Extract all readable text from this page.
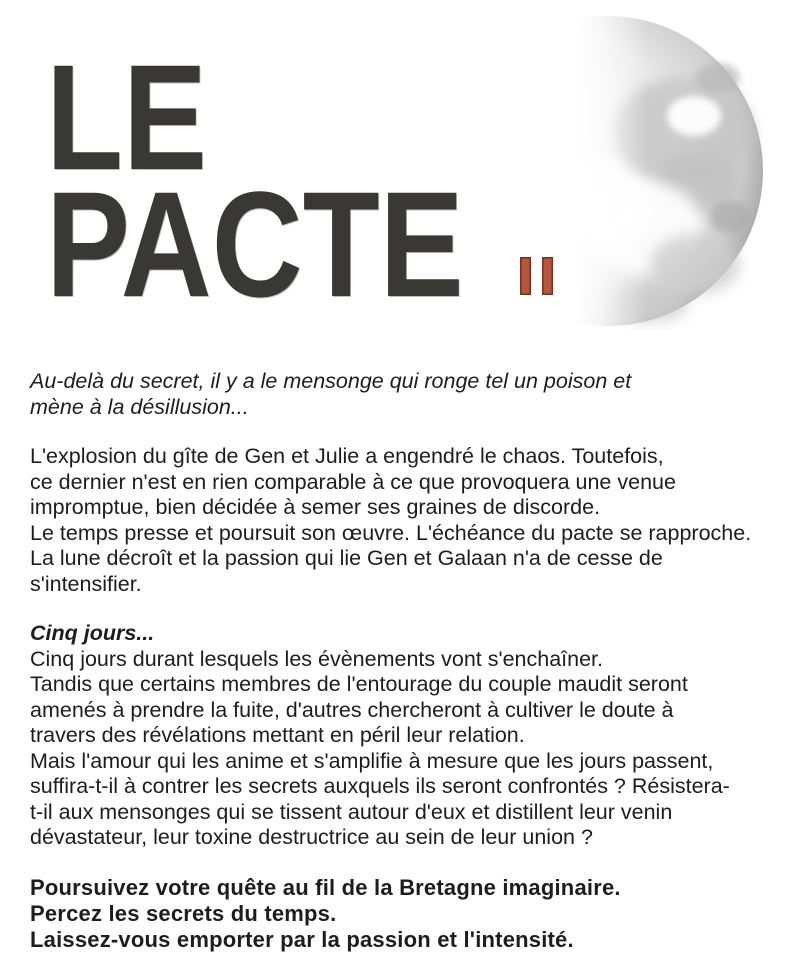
LE
PACTE
Au-delà du secret, il y a le mensonge qui ronge tel un poison et
mène à la désillusion...
L'explosion du gîte de Gen et Julie a engendré le chaos. Toutefois,
ce dernier n'est en rien comparable à ce que provoquera une venue
impromptue, bien décidée à semer ses graines de discorde.
Le temps presse et poursuit son œuvre. L'échéance du pacte se rapproche.
La lune décroît et la passion qui lie Gen et Galaan n'a de cesse de
s'intensifier.
Cinq jours...
Cinq jours durant lesquels les évènements vont s'enchaîner.
Tandis que certains membres de l'entourage du couple maudit seront
amenés à prendre la fuite, d'autres chercheront à cultiver le doute à
travers des révélations mettant en péril leur relation.
Mais l'amour qui les anime et s'amplifie à mesure que les jours passent,
suffira-t-il à contrer les secrets auxquels ils seront confrontés ? Résistera-
t-il aux mensonges qui se tissent autour d'eux et distillent leur venin
dévastateur, leur toxine destructrice au sein de leur union ?
Poursuivez votre quête au fil de la Bretagne imaginaire.
Percez les secrets du temps.
Laissez-vous emporter par la passion et l'intensité.
